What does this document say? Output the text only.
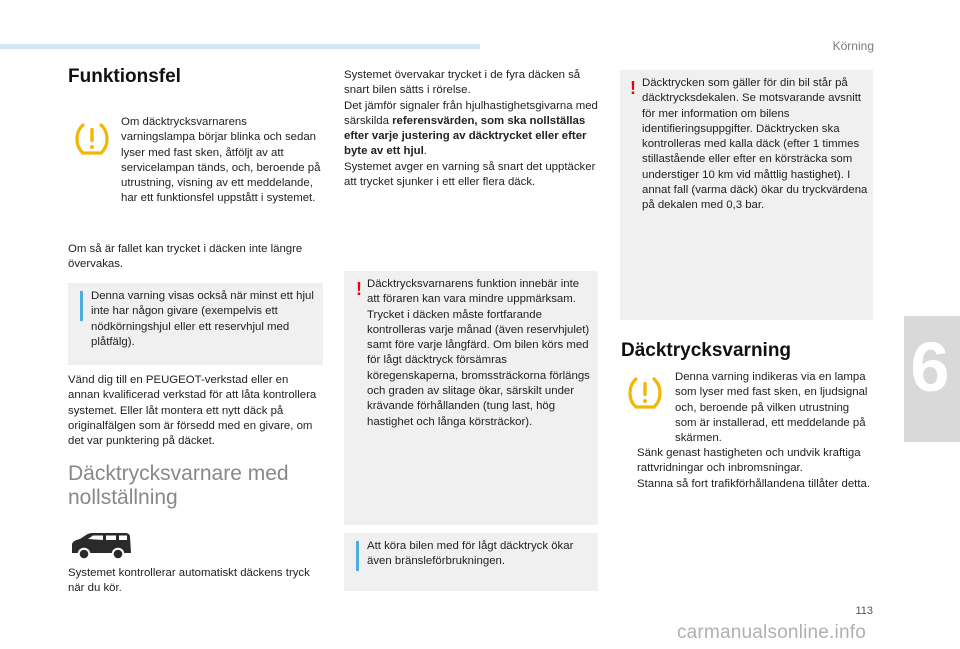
Körning
6
Funktionsfel
Om däcktrycksvarnarens varningslampa börjar blinka och sedan lyser med fast sken, åtföljt av att servicelampan tänds, och, beroende på utrustning, visning av ett meddelande, har ett funktionsfel uppstått i systemet.
Om så är fallet kan trycket i däcken inte längre övervakas.
Denna varning visas också när minst ett hjul inte har någon givare (exempelvis ett nödkörningshjul eller ett reservhjul med plåtfälg).
Vänd dig till en PEUGEOT-verkstad eller en annan kvalificerad verkstad för att låta kontrollera systemet. Eller låt montera ett nytt däck på originalfälgen som är försedd med en givare, om det var punktering på däcket.
Däcktrycksvarnare med nollställning
Systemet kontrollerar automatiskt däckens tryck när du kör.
Systemet övervakar trycket i de fyra däcken så snart bilen sätts i rörelse.
Det jämför signaler från hjulhastighetsgivarna med särskilda referensvärden, som ska nollställas efter varje justering av däcktrycket eller efter byte av ett hjul.
Systemet avger en varning så snart det upptäcker att trycket sjunker i ett eller flera däck.
! Däcktrycksvarnarens funktion innebär inte att föraren kan vara mindre uppmärksam. Trycket i däcken måste fortfarande kontrolleras varje månad (även reservhjulet) samt före varje långfärd. Om bilen körs med för lågt däcktryck försämras köregenskaperna, bromssträckorna förlängs och graden av slitage ökar, särskilt under krävande förhållanden (tung last, hög hastighet och långa körsträckor).
Att köra bilen med för lågt däcktryck ökar även bränsleförbrukningen.
! Däcktrycken som gäller för din bil står på däcktrycksdekalen. Se motsvarande avsnitt för mer information om bilens identifieringsuppgifter. Däcktrycken ska kontrolleras med kalla däck (efter 1 timmes stillastående eller efter en körsträcka som understiger 10 km vid måttlig hastighet). I annat fall (varma däck) ökar du tryckvärdena på dekalen med 0,3 bar.
Däcktrycksvarning
Denna varning indikeras via en lampa som lyser med fast sken, en ljudsignal och, beroende på vilken utrustning som är installerad, ett meddelande på skärmen.
Sänk genast hastigheten och undvik kraftiga rattvridningar och inbromsningar.
Stanna så fort trafikförhållandena tillåter detta.
113
carmanualsonline.info
